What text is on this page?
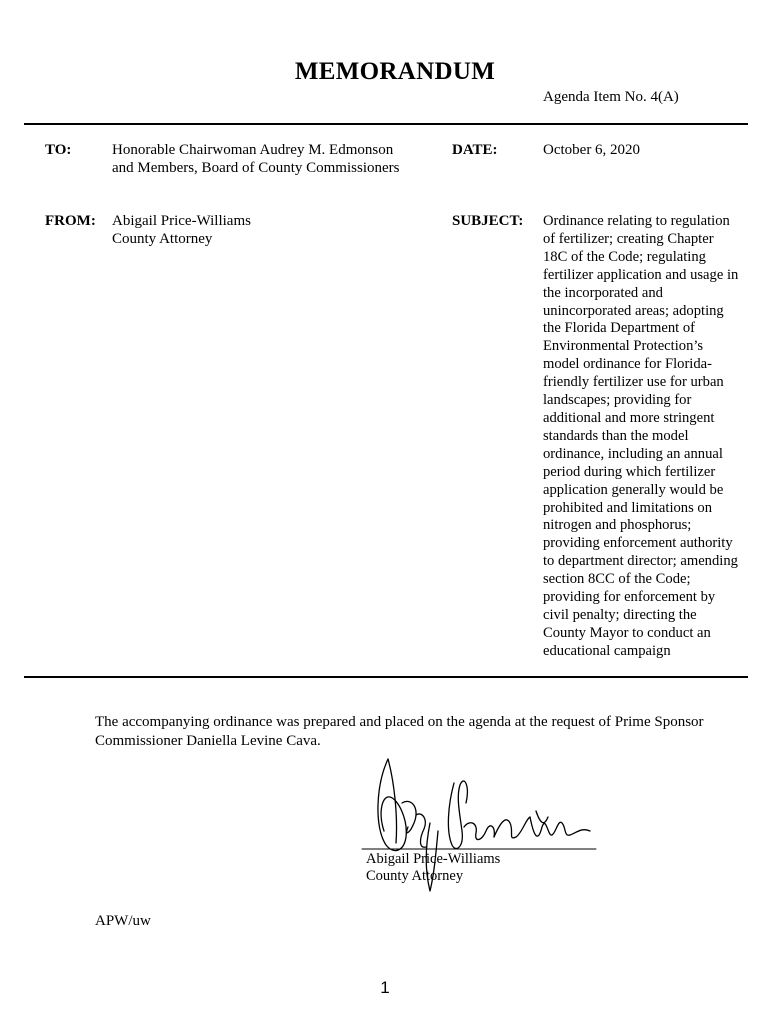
MEMORANDUM
Agenda Item No. 4(A)
TO:	Honorable Chairwoman Audrey M. Edmonson
and Members, Board of County Commissioners
DATE:	October 6, 2020
FROM: Abigail Price-Williams
County Attorney
SUBJECT: Ordinance relating to regulation
of fertilizer; creating Chapter
18C of the Code; regulating
fertilizer application and usage in
the incorporated and
unincorporated areas; adopting
the Florida Department of
Environmental Protection’s
model ordinance for Florida-
friendly fertilizer use for urban
landscapes; providing for
additional and more stringent
standards than the model
ordinance, including an annual
period during which fertilizer
application generally would be
prohibited and limitations on
nitrogen and phosphorus;
providing enforcement authority
to department director; amending
section 8CC of the Code;
providing for enforcement by
civil penalty; directing the
County Mayor to conduct an
educational campaign
The accompanying ordinance was prepared and placed on the agenda at the request of Prime Sponsor
Commissioner Daniella Levine Cava.
Abigail Price-Williams
County Attorney
APW/uw
1
